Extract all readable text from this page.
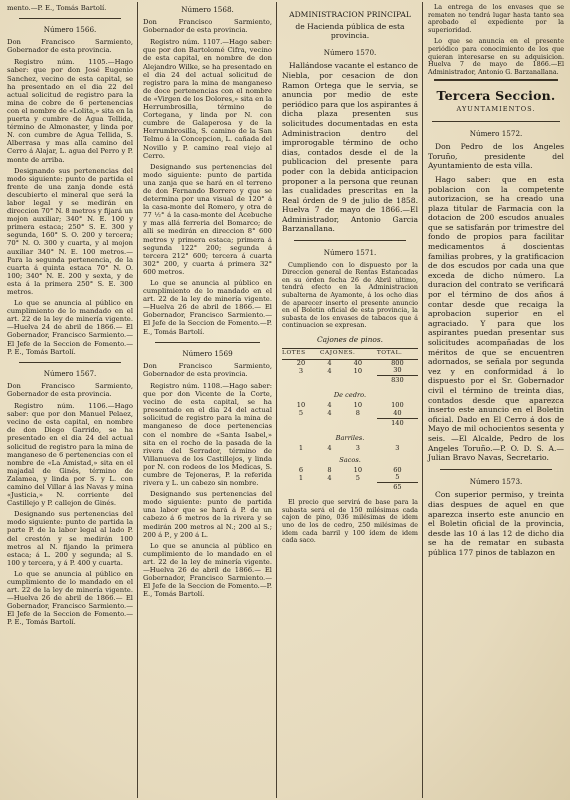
mento.—P. E., Tomás Bartolí.

Número 1566.
Don Francisco Sarmiento, Gobernador de esta provincia.

Registro núm. 1105.—Hago saber: que por don José Eugenio Sanchez, vecino de esta capital, se ha presentado en el dia 22 del actual solicitud de registro para la mina de cobre de 6 pertenencias con el nombre de «Lolita,» sita en la puerta y cumbre de Agua Tellida, término de Almonaster, y linda por N. con cumbre de Agua Tellida, S. Alberrasa y mas alla camino del Cerro á Alajar, L. agua del Perro y P. monte de arriba.

Designando sus pertenencias del modo siguiente: punto de partida el frente de una zanja donde está descubierto el mineral que será la labor legal y se medirán en direccion 70° N. 8 metros y fijará un mojon auxiliar; 340° N. E. 100 y primera estaca; 250° S. E. 300 y segunda, 160° S. O. 200 y tercera; 70° N. O. 300 y cuarta, y al mojon auxiliar 340° N. E. 100 metros.—Para la segunda pertenencia, de la cuarta á quinta estaca 70° N. O. 100; 340° N. E. 200 y sexta, y de esta á la primera 250° S. E. 300 metros.

Lo que se anuncia al público en cumplimiento de lo mandado en el art. 22 de la ley de minería vigente. —Huelva 24 de abril de 1866.— El Gobernador, Francisco Sarmiento.—El Jefe de la Seccion de Fomento.—P. E., Tomás Bartolí.

Número 1567.
Don Francisco Sarmiento, Gobernador de esta provincia.

Registro núm. 1106.—Hago saber: que por don Manuel Pelaez, vecino de esta capital, en nombre de don Diego Garrido, se ha presentado en el dia 24 del actual solicitud de registro para la mina de manganeso de 6 pertenencias con el nombre de «La Amistad,» sita en el majadal de Ginés, término de Zalamea, y linda por S. y L. con camino del Villar á las Navas y mina «Justicia,» N. corriente del Castillejo y P. callejon de Ginés.

Designando sus pertenencias del modo siguiente: punto de partida la parte P. de la labor legal al lado P. del crestón y se medirán 100 metros al N. fijando la primera estaca; á L. 200 y segunda; al S. 100 y tercera, y á P. 400 y cuarta.

Lo que se anuncia al público en cumplimiento de lo mandado en el art. 22 de la ley de minería vigente. —Huelva 26 de abril de 1866.— El Gobernador, Francisco Sarmiento.—El Jefe de la Seccion de Fomento.—P. E., Tomás Bartolí.

Número 1568.
Don Francisco Sarmiento, Gobernador de esta provincia.

Registro núm. 1107.—Hago saber: que por don Bartolomé Cifra, vecino de esta capital, en nombre de don Alejandro Wilke, se ha presentado en el dia 24 del actual solicitud de registro para la mina de manganeso de doce pertenencias con el nombre de «Virgen de los Dolores,» sita en la Herrumbrosilla, término de Cortegana, y linda por N. con cumbre de Galaperosa y de la Herrumbrosilla, S. camino de la San Telmo á la Concepcion, L. cañada del Novillo y P. camino real viejo al Cerro.

Designando sus pertenencias del modo siguiente: punto de partida una zanja que se hará en el terreno de don Fernando Borrero y que se determina por una visual de 120° á la casa-monte del Romero, y otra de 77 ½° á la casa-monte del Acebuche y mas allá ferreria del Bomarco; de alli se medirán en direccion 8° 600 metros y primera estaca; primera á segunda 122° 200; segunda á tercera 212° 600; tercera á cuarta 302° 200, y cuarta á primera 32° 600 metros.

Lo que se anuncia al público en cumplimiento de lo mandado en el art. 22 de la ley de minería vigente. —Huelva 26 de abril de 1866.— El Gobernador, Francisco Sarmiento.—El Jefe de la Seccion de Fomento.—P. E., Tomás Bartolí.

Número 1569
Don Francisco Sarmiento, Gobernador de esta provincia.

Registro núm. 1108.—Hago saber: que por don Vicente de la Corte, vecino de esta capital, se ha presentado en el dia 24 del actual solicitud de registro para la mina de manganeso de doce pertenencias con el nombre de «Santa Isabel,» sita en el rocho de la pasada de la rivera del Serrador, término de Villanueva de los Castillejos, y linda por N. con rodeos de los Medicas, S. cumbre de Tejoneras, P. la referida rivera y L. un cabezo sin nombre.

Designando sus pertenencias del modo siguiente: punto de partida una labor que se hará á P. de un cabezo á 6 metros de la rivera y se medirán 200 metros al N.; 200 al S.; 200 á P., y 200 á L.

Lo que se anuncia al público en cumplimiento de lo mandado en el art. 22 de la ley de minería vigente. —Huelva 26 de abril de 1866.— El Gobernador, Francisco Sarmiento.—El Jefe de la Seccion de Fomento.—P. E., Tomás Bartolí.

ADMINISTRACION PRINCIPAL
de Hacienda pública de esta provincia.
Número 1570.

Hallándose vacante el estanco de Niebla, por cesacion de don Ramon Ortega que le servia, se anuncia por medio de este periódico para que los aspirantes á dicha plaza presenten sus solicitudes documentadas en esta Administracion dentro del improrogable término de ocho dias, contados desde el de la publicacion del presente para poder con la debida anticipacion proponer a la persona que reunan las cualidades prescritas en la Real órden de 9 de julio de 1858. Huelva 7 de mayo de 1866.—El Administrador, Antonio Garcia Barzanallana.

Número 1571.

Cumpliendo con lo dispuesto por la Direccion general de Rentas Estancadas en su órden fecha 26 de Abril ultimo, tendrá efecto en la Administracion subalterna de Ayamonte, á los ocho dias de aparecer inserto el presente anuncio en el Boletin oficial de esta provincia, la subasta de los envases de tabacos que á continuacion se expresan.

Cajones de pinos.
LOTES	CAJONES.		TOTAL.
20	4	40	800
3	4	10	30
			830
De cedro.			
10	4	10	100
5	4	8	40
			140
Barriles.			
1	4	3	3
Sacos.			
6	8	10	60
1	4	5	5
			65

El precio que servirá de base para la subasta será el de 150 milésimas cada cajon de pino, 036 milésimas de idem uno de los de cedro, 250 milésimas de idem cada barril y 100 ídem de idem cada saco.

La entrega de los envases que se rematen no tendrá lugar hasta tanto sea aprobado el expediente por la superioridad.

Lo que se anuncia en el presente periódico para conocimiento de los que quieran interesarse en su adquisicion. Huelva 7 de mayo de 1866.—El Administrador, Antonio G. Barzanallana.

Tercera Seccion.
AYUNTAMIENTOS.
Número 1572.
Don Pedro de los Angeles Toruño, presidente del Ayuntamiento de esta villa.

Hago saber: que en esta poblacion con la competente autorizacion, se ha creado una plaza titular de Farmacia con la dotacion de 200 escudos anuales que se satisfarán por trimestre del fondo de propios para facilitar medicamentos á doscientas familias probres, y la gratificacion de dos escudos por cada una que exceda de dicho número. La duracion del contrato se verificará por el término de dos años á contar desde que recaiga la aprobacion superior en el agraciado. Y para que los aspirantes puedan presentar sus solicitudes acompañadas de los méritos de que se encuentren adornados, se señala por segunda vez y en conformidad á lo dispuesto por el Sr. Gobernador civil el término de treinta dias, contados desde que aparezca inserto este anuncio en el Boletin oficial. Dado en El Cerro á dos de Mayo de mil ochocientos sesenta y seis. —El Alcalde, Pedro de los Angeles Toruño.—P. O. D. S. A.—Julian Bravo Navas, Secretario.

Número 1573.

Con superior permiso, y treinta dias despues de aquel en que aparezca inserto este anuncio en el Boletin oficial de la provincia, desde las 10 á las 12 de dicho dia se ha de rematar en subasta pública 177 pinos de tablazon en
